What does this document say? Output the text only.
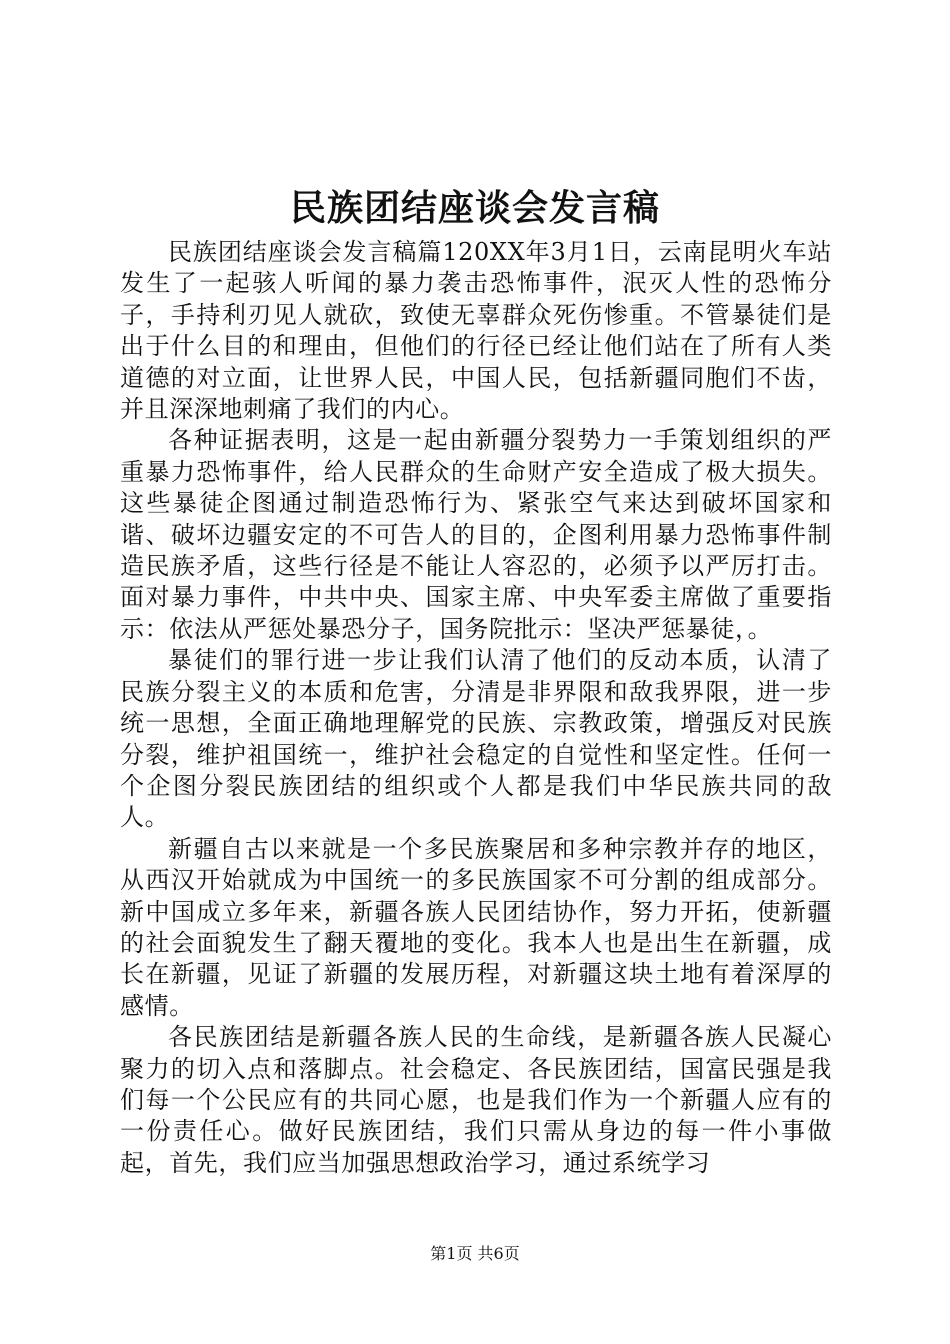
民族团结座谈会发言稿

民族团结座谈会发言稿篇120XX年3月1日，云南昆明火车站发生了一起骇人听闻的暴力袭击恐怖事件，泯灭人性的恐怖分子，手持利刃见人就砍，致使无辜群众死伤惨重。不管暴徒们是出于什么目的和理由，但他们的行径已经让他们站在了所有人类道德的对立面，让世界人民，中国人民，包括新疆同胞们不齿，并且深深地刺痛了我们的内心。

各种证据表明，这是一起由新疆分裂势力一手策划组织的严重暴力恐怖事件，给人民群众的生命财产安全造成了极大损失。这些暴徒企图通过制造恐怖行为、紧张空气来达到破坏国家和谐、破坏边疆安定的不可告人的目的，企图利用暴力恐怖事件制造民族矛盾，这些行径是不能让人容忍的，必须予以严厉打击。面对暴力事件，中共中央、国家主席、中央军委主席做了重要指示：依法从严惩处暴恐分子，国务院批示：坚决严惩暴徒，。

暴徒们的罪行进一步让我们认清了他们的反动本质，认清了民族分裂主义的本质和危害，分清是非界限和敌我界限，进一步统一思想，全面正确地理解党的民族、宗教政策，增强反对民族分裂，维护祖国统一，维护社会稳定的自觉性和坚定性。任何一个企图分裂民族团结的组织或个人都是我们中华民族共同的敌人。

新疆自古以来就是一个多民族聚居和多种宗教并存的地区，从西汉开始就成为中国统一的多民族国家不可分割的组成部分。新中国成立多年来，新疆各族人民团结协作，努力开拓，使新疆的社会面貌发生了翻天覆地的变化。我本人也是出生在新疆，成长在新疆，见证了新疆的发展历程，对新疆这块土地有着深厚的感情。

各民族团结是新疆各族人民的生命线，是新疆各族人民凝心聚力的切入点和落脚点。社会稳定、各民族团结，国富民强是我们每一个公民应有的共同心愿，也是我们作为一个新疆人应有的一份责任心。做好民族团结，我们只需从身边的每一件小事做起，首先，我们应当加强思想政治学习，通过系统学习

第1页 共6页
